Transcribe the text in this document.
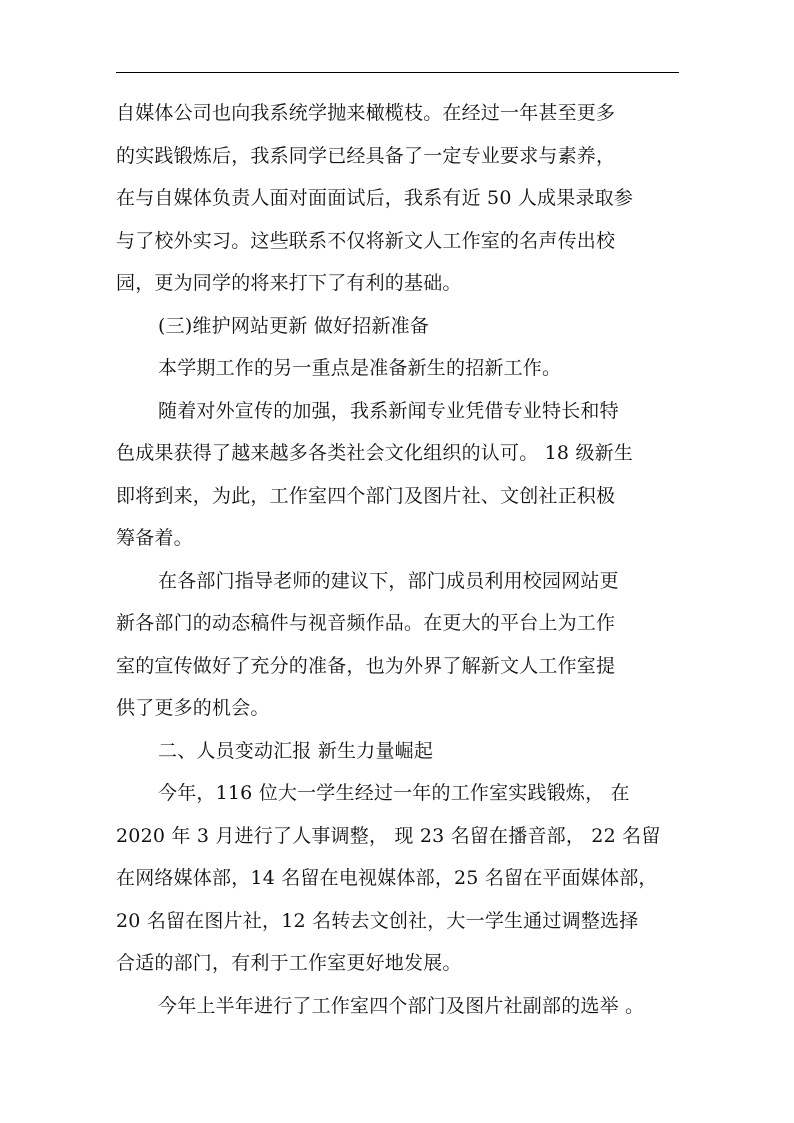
自媒体公司也向我系统学抛来橄榄枝。在经过一年甚至更多
的实践锻炼后，我系同学已经具备了一定专业要求与素养，
在与自媒体负责人面对面面试后，我系有近 50 人成果录取参
与了校外实习。这些联系不仅将新文人工作室的名声传出校
园，更为同学的将来打下了有利的基础。
(三)维护网站更新 做好招新准备
本学期工作的另一重点是准备新生的招新工作。
随着对外宣传的加强，我系新闻专业凭借专业特长和特
色成果获得了越来越多各类社会文化组织的认可。 18 级新生
即将到来，为此，工作室四个部门及图片社、文创社正积极
筹备着。
在各部门指导老师的建议下，部门成员利用校园网站更
新各部门的动态稿件与视音频作品。在更大的平台上为工作
室的宣传做好了充分的准备，也为外界了解新文人工作室提
供了更多的机会。
二、人员变动汇报 新生力量崛起
今年，116 位大一学生经过一年的工作室实践锻炼， 在
2020 年 3 月进行了人事调整， 现 23 名留在播音部， 22 名留
在网络媒体部，14 名留在电视媒体部，25 名留在平面媒体部，
20 名留在图片社，12 名转去文创社，大一学生通过调整选择
合适的部门，有利于工作室更好地发展。
今年上半年进行了工作室四个部门及图片社副部的选举 。
